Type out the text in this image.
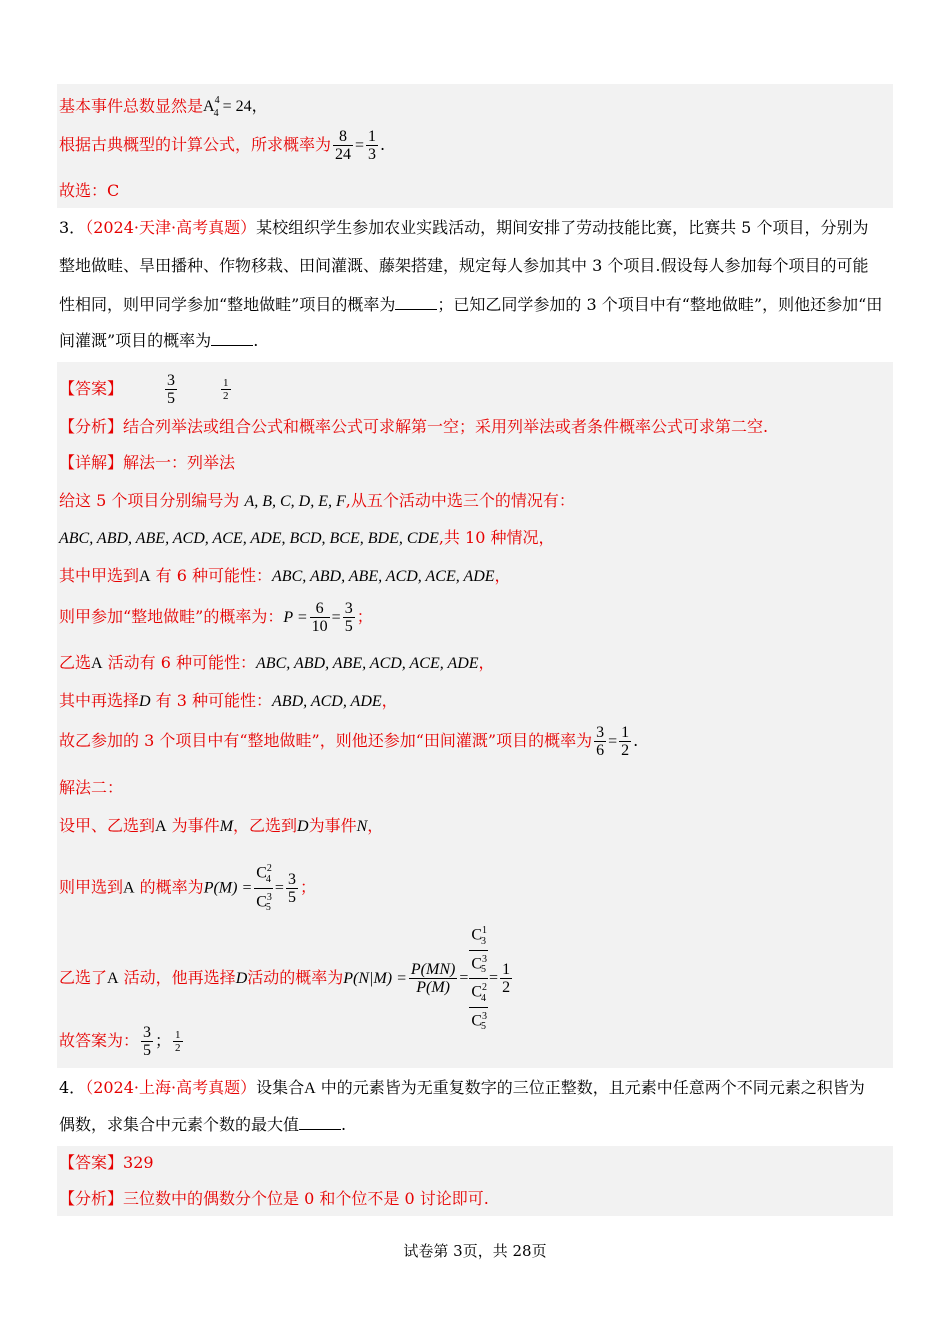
基本事件总数显然是$A^4_4 = 24$，
根据古典概型的计算公式，所求概率为 $\frac{8}{24} = \frac{1}{3}$ .
故选：C
3．（2024·天津·高考真题）某校组织学生参加农业实践活动，期间安排了劳动技能比赛，比赛共 5 个项目，分别为
整地做畦、旱田播种、作物移栽、田间灌溉、藤架搭建，规定每人参加其中 3 个项目.假设每人参加每个项目的可能
性相同，则甲同学参加“整地做畦”项目的概率为	；已知乙同学参加的 3 个项目中有“整地做畦”，则他还参加“田
间灌溉”项目的概率为	.
【答案】	$\frac{3}{5}$	$\frac{1}{2}$
【分析】结合列举法或组合公式和概率公式可求解第一空；采用列举法或者条件概率公式可求第二空.
【详解】解法一：列举法
给这 5 个项目分别编号为 A, B, C, D, E, F,从五个活动中选三个的情况有：
ABC, ABD, ABE, ACD, ACE, ADE, BCD, BCE, BDE, CDE,共 10 种情况，
其中甲选到A 有 6 种可能性：ABC, ABD, ABE, ACD, ACE, ADE，
则甲参加“整地做畦”的概率为：$P = \frac{6}{10} = \frac{3}{5}$ ；
乙选A 活动有 6 种可能性：ABC, ABD, ABE, ACD, ACE, ADE，
其中再选择D 有 3 种可能性：ABD, ACD, ADE，
故乙参加的 3 个项目中有“整地做畦”，则他还参加“田间灌溉”项目的概率为 $\frac{3}{6} = \frac{1}{2}$ .
解法二：
设甲、乙选到A 为事件M，乙选到D为事件N，
则甲选到A 的概率为$P(M) = \frac{C^2_4}{C^3_5} = \frac{3}{5}$ ；
乙选了A 活动，他再选择D活动的概率为$P(N|M) = \frac{P(MN)}{P(M)} = \frac{\frac{C^1_3}{C^3_5}}{\frac{C^2_4}{C^3_5}} = \frac{1}{2}$
故答案为： $\frac{3}{5}$ ； $\frac{1}{2}$
4．（2024·上海·高考真题）设集合A 中的元素皆为无重复数字的三位正整数，且元素中任意两个不同元素之积皆为
偶数，求集合中元素个数的最大值	.
【答案】329
【分析】三位数中的偶数分个位是 0 和个位不是 0 讨论即可.
试卷第 3页，共 28页
